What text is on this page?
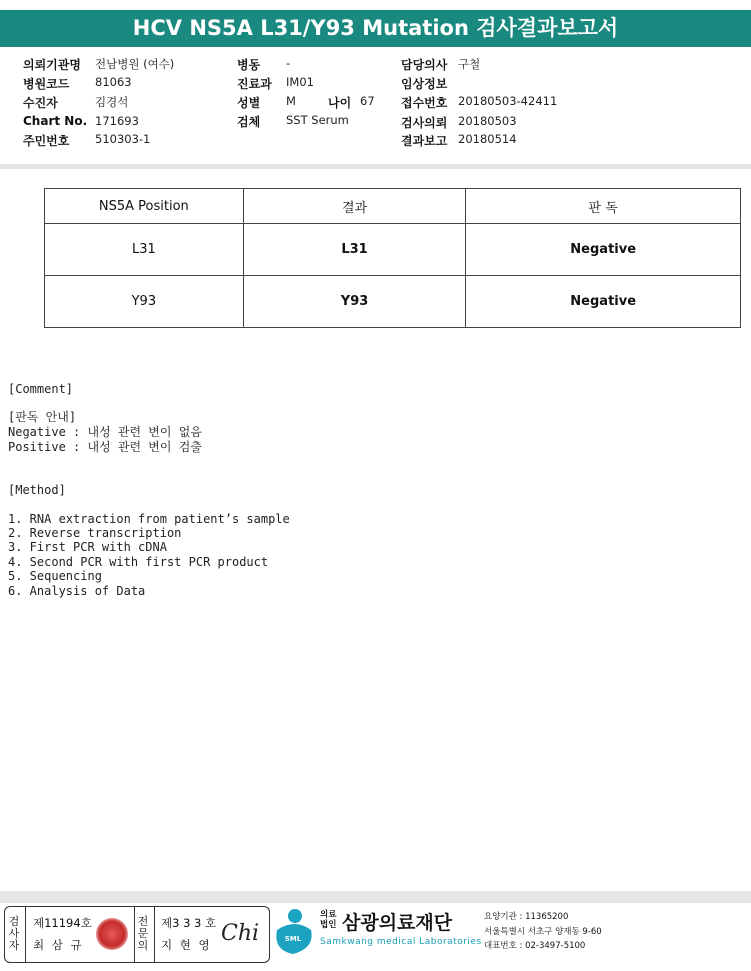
HCV NS5A L31/Y93 Mutation 검사결과보고서
의뢰기관명 전남병원 (여수)
병원코드 81063
수진자	김경석
Chart No. 171693
주민번호 510303-1
병동 -
진료과 IM01
성별 M	나이 67
검체 SST Serum
담당의사 구철
임상정보
접수번호 20180503-42411
검사의뢰 20180503
결과보고 20180514
NS5A Position	결과	판 독
L31	L31	Negative
Y93	Y93	Negative
[Comment]
[판독 안내]
Negative : 내성 관련 변이 없음
Positive : 내성 관련 변이 검출
[Method]
1. RNA extraction from patient’s sample
2. Reverse transcription
3. First PCR with cDNA
4. Second PCR with first PCR product
5. Sequencing
6. Analysis of Data
검사자
제11194호
최 삼 규
전문의
제3 3 3 호
지 현 영 Chi	SML
의료법인 삼광의료재단
Samkwang medical Laboratories
요양기관 : 11365200
서울특별시 서초구 양재동 9-60
대표번호 : 02-3497-5100
